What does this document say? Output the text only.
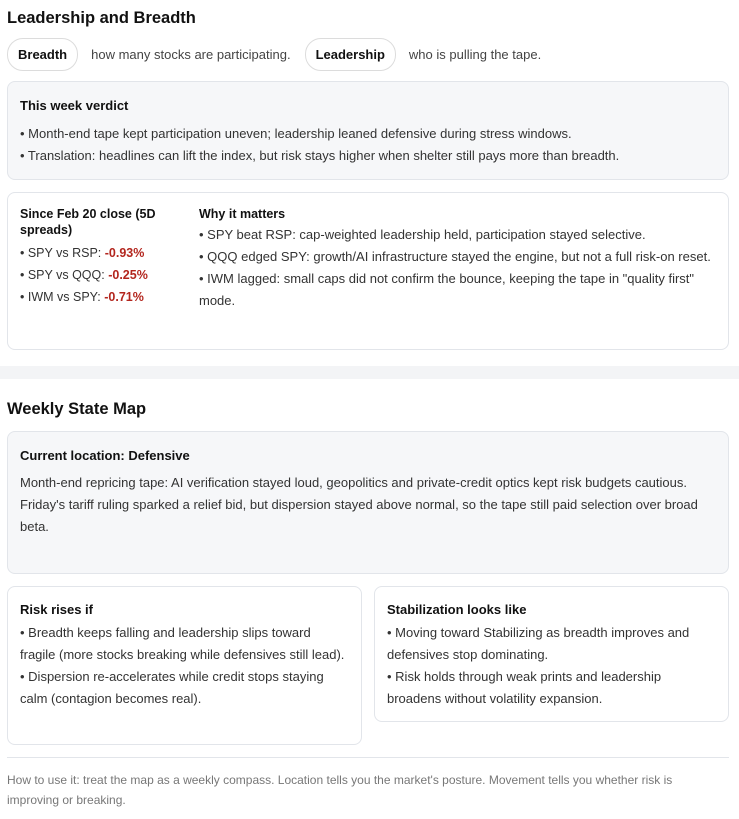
Leadership and Breadth
Breadth	how many stocks are participating.	Leadership	who is pulling the tape.
This week verdict
• Month-end tape kept participation uneven; leadership leaned defensive during stress windows.
• Translation: headlines can lift the index, but risk stays higher when shelter still pays more than breadth.
Since Feb 20 close (5D spreads)
• SPY vs RSP: -0.93%
• SPY vs QQQ: -0.25%
• IWM vs SPY: -0.71%
Why it matters
• SPY beat RSP: cap-weighted leadership held, participation stayed selective.
• QQQ edged SPY: growth/AI infrastructure stayed the engine, but not a full risk-on reset.
• IWM lagged: small caps did not confirm the bounce, keeping the tape in "quality first" mode.
Weekly State Map
Current location: Defensive
Month-end repricing tape: AI verification stayed loud, geopolitics and private-credit optics kept risk budgets cautious.
Friday's tariff ruling sparked a relief bid, but dispersion stayed above normal, so the tape still paid selection over broad beta.
Risk rises if
• Breadth keeps falling and leadership slips toward fragile (more stocks breaking while defensives still lead).
• Dispersion re-accelerates while credit stops staying calm (contagion becomes real).
Stabilization looks like
• Moving toward Stabilizing as breadth improves and defensives stop dominating.
• Risk holds through weak prints and leadership broadens without volatility expansion.
How to use it: treat the map as a weekly compass. Location tells you the market's posture. Movement tells you whether risk is improving or breaking.
